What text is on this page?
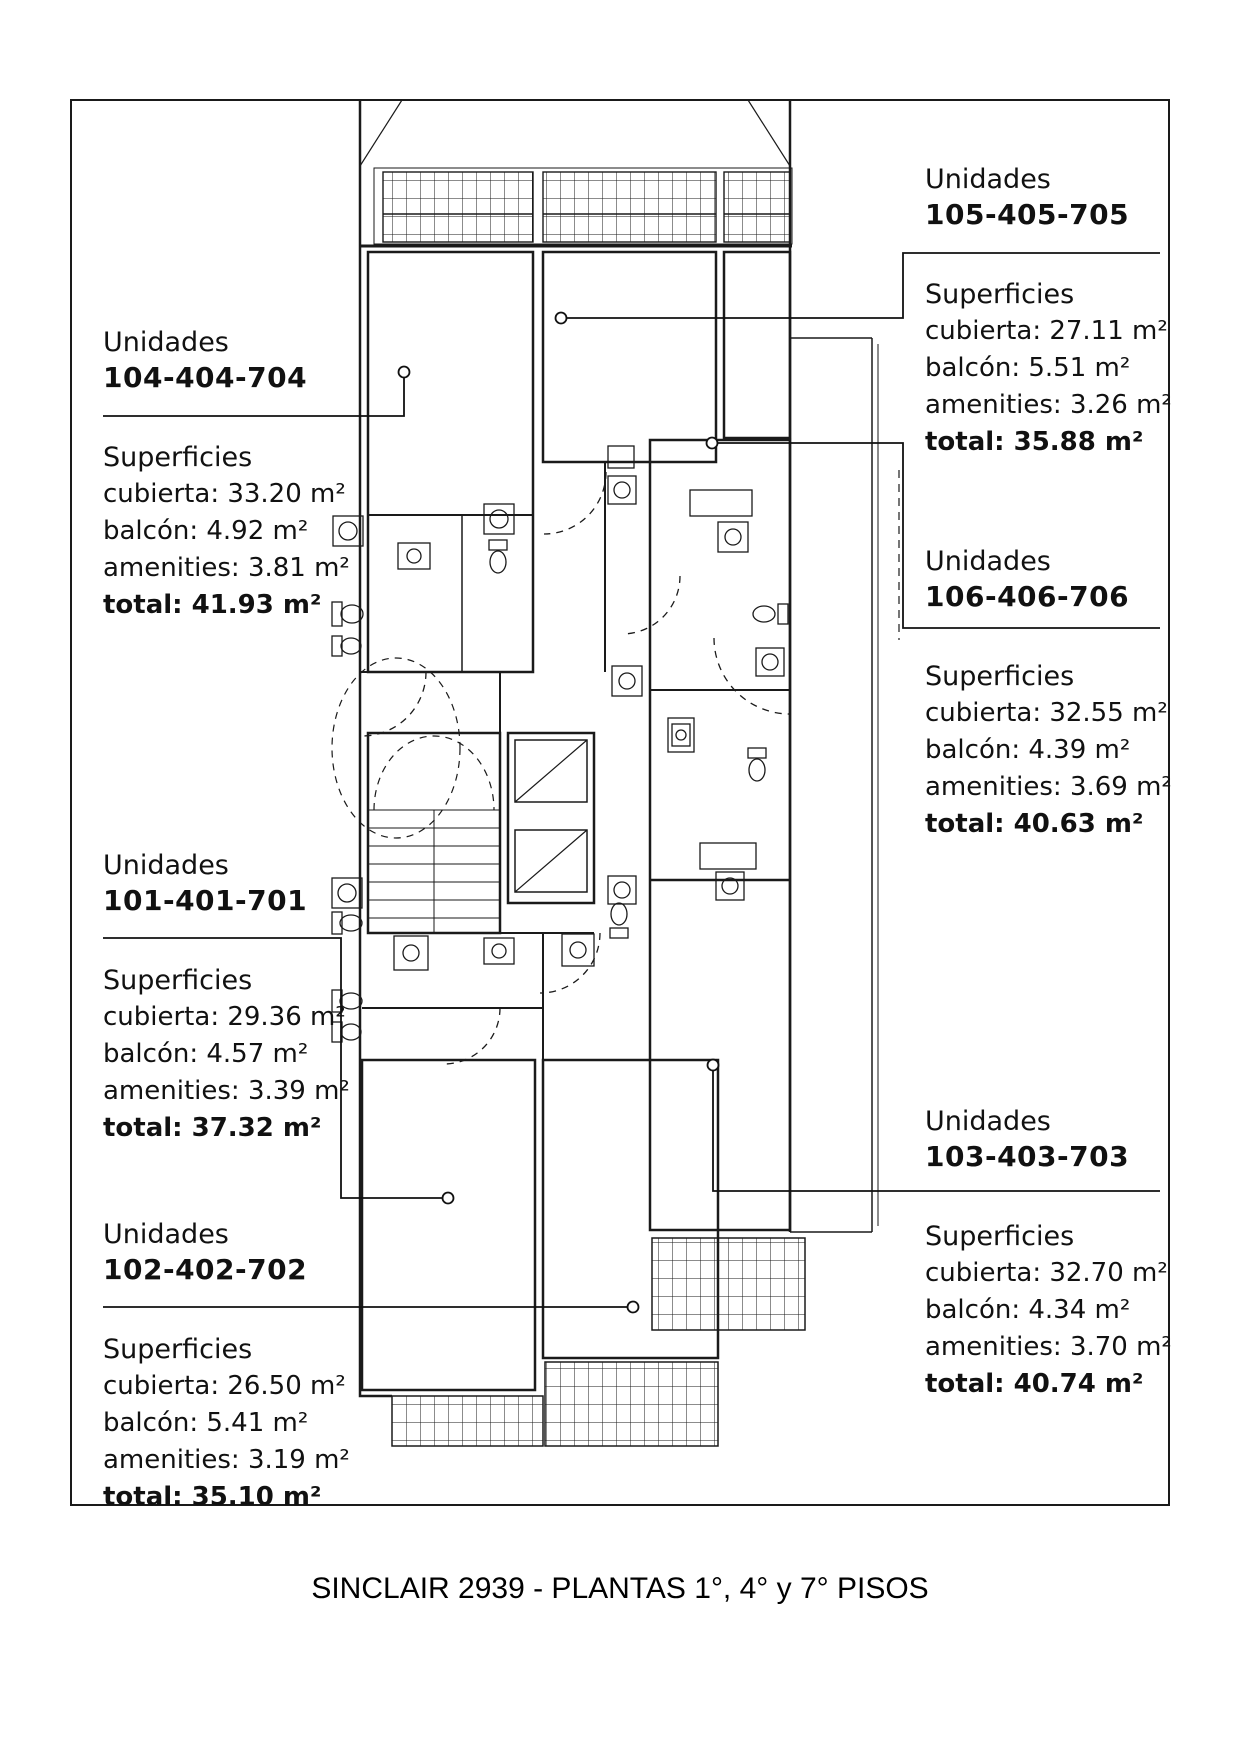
Unidades
104-404-704
Superficies
cubierta: 33.20 m²
balcón: 4.92 m²
amenities: 3.81 m²
total: 41.93 m²
Unidades
105-405-705
Superficies
cubierta: 27.11 m²
balcón: 5.51 m²
amenities: 3.26 m²
total: 35.88 m²
Unidades
106-406-706
Superficies
cubierta: 32.55 m²
balcón: 4.39 m²
amenities: 3.69 m²
total: 40.63 m²
Unidades
101-401-701
Superficies
cubierta: 29.36 m²
balcón: 4.57 m²
amenities: 3.39 m²
total: 37.32 m²
Unidades
102-402-702
Superficies
cubierta: 26.50 m²
balcón: 5.41 m²
amenities: 3.19 m²
total: 35.10 m²
Unidades
103-403-703
Superficies
cubierta: 32.70 m²
balcón: 4.34 m²
amenities: 3.70 m²
total: 40.74 m²
SINCLAIR 2939 - PLANTAS 1°, 4° y 7° PISOS
